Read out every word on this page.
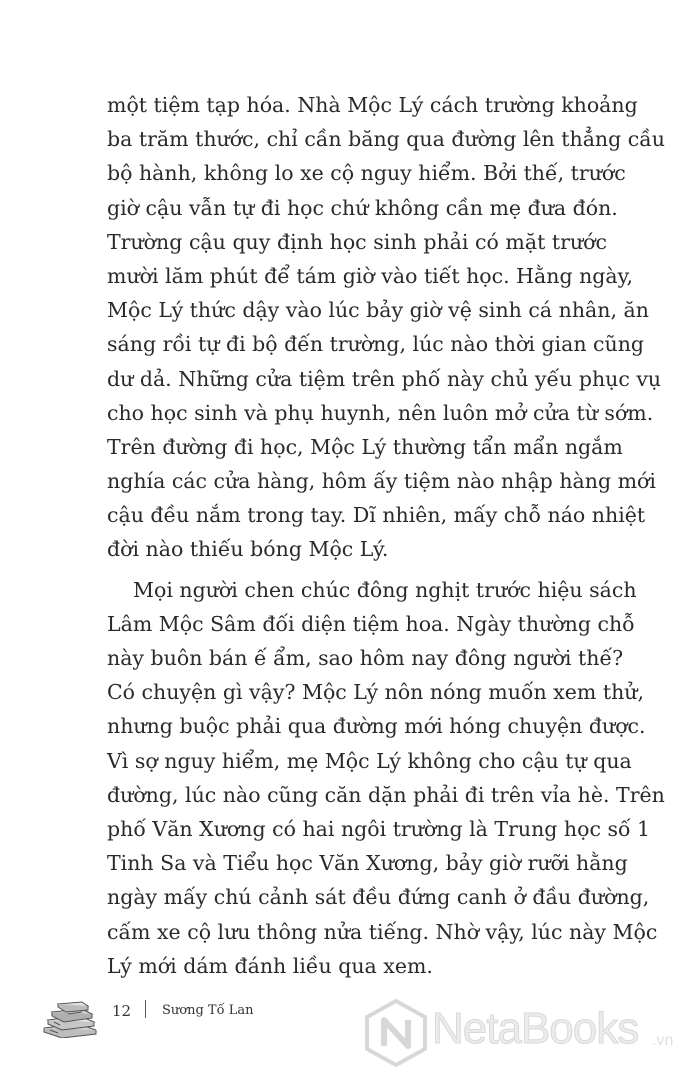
một tiệm tạp hóa. Nhà Mộc Lý cách trường khoảng
ba trăm thước, chỉ cần băng qua đường lên thẳng cầu
bộ hành, không lo xe cộ nguy hiểm. Bởi thế, trước
giờ cậu vẫn tự đi học chứ không cần mẹ đưa đón.
Trường cậu quy định học sinh phải có mặt trước
mười lăm phút để tám giờ vào tiết học. Hằng ngày,
Mộc Lý thức dậy vào lúc bảy giờ vệ sinh cá nhân, ăn
sáng rồi tự đi bộ đến trường, lúc nào thời gian cũng
dư dả. Những cửa tiệm trên phố này chủ yếu phục vụ
cho học sinh và phụ huynh, nên luôn mở cửa từ sớm.
Trên đường đi học, Mộc Lý thường tẩn mẩn ngắm
nghía các cửa hàng, hôm ấy tiệm nào nhập hàng mới
cậu đều nắm trong tay. Dĩ nhiên, mấy chỗ náo nhiệt
đời nào thiếu bóng Mộc Lý.
Mọi người chen chúc đông nghịt trước hiệu sách
Lâm Mộc Sâm đối diện tiệm hoa. Ngày thường chỗ
này buôn bán ế ẩm, sao hôm nay đông người thế?
Có chuyện gì vậy? Mộc Lý nôn nóng muốn xem thử,
nhưng buộc phải qua đường mới hóng chuyện được.
Vì sợ nguy hiểm, mẹ Mộc Lý không cho cậu tự qua
đường, lúc nào cũng căn dặn phải đi trên vỉa hè. Trên
phố Văn Xương có hai ngôi trường là Trung học số 1
Tinh Sa và Tiểu học Văn Xương, bảy giờ rưỡi hằng
ngày mấy chú cảnh sát đều đứng canh ở đầu đường,
cấm xe cộ lưu thông nửa tiếng. Nhờ vậy, lúc này Mộc
Lý mới dám đánh liều qua xem.
12 Sương Tố Lan	NetaBooks .vn
